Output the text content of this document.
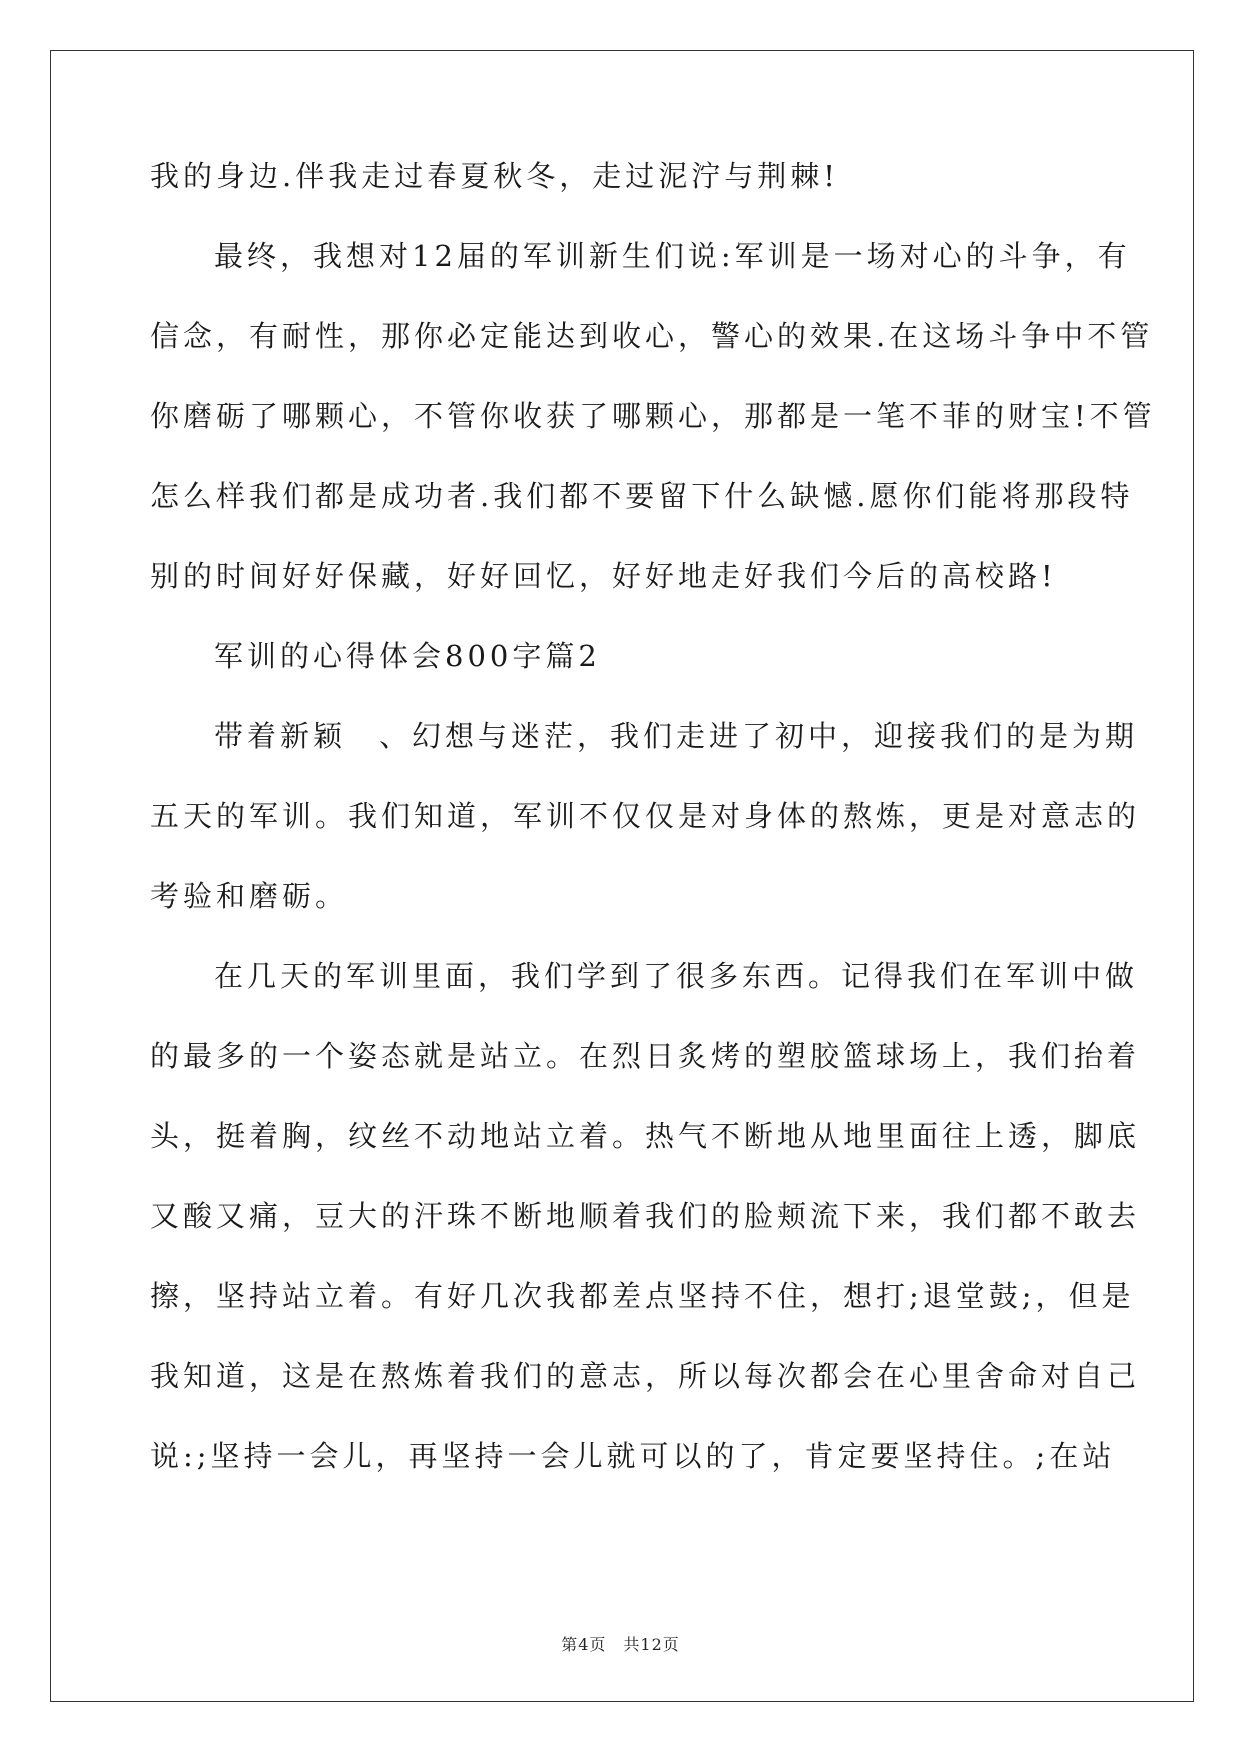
我的身边.伴我走过春夏秋冬，走过泥泞与荆棘!
最终，我想对12届的军训新生们说:军训是一场对心的斗争，有
信念，有耐性，那你必定能达到收心，警心的效果.在这场斗争中不管
你磨砺了哪颗心，不管你收获了哪颗心，那都是一笔不菲的财宝!不管
怎么样我们都是成功者.我们都不要留下什么缺憾.愿你们能将那段特
别的时间好好保藏，好好回忆，好好地走好我们今后的高校路!
军训的心得体会800字篇2
带着新颖　、幻想与迷茫，我们走进了初中，迎接我们的是为期
五天的军训。我们知道，军训不仅仅是对身体的熬炼，更是对意志的
考验和磨砺。
在几天的军训里面，我们学到了很多东西。记得我们在军训中做
的最多的一个姿态就是站立。在烈日炙烤的塑胶篮球场上，我们抬着
头，挺着胸，纹丝不动地站立着。热气不断地从地里面往上透，脚底
又酸又痛，豆大的汗珠不断地顺着我们的脸颊流下来，我们都不敢去
擦，坚持站立着。有好几次我都差点坚持不住，想打;退堂鼓;，但是
我知道，这是在熬炼着我们的意志，所以每次都会在心里舍命对自己
说:;坚持一会儿，再坚持一会儿就可以的了，肯定要坚持住。;在站
第4页　共12页
